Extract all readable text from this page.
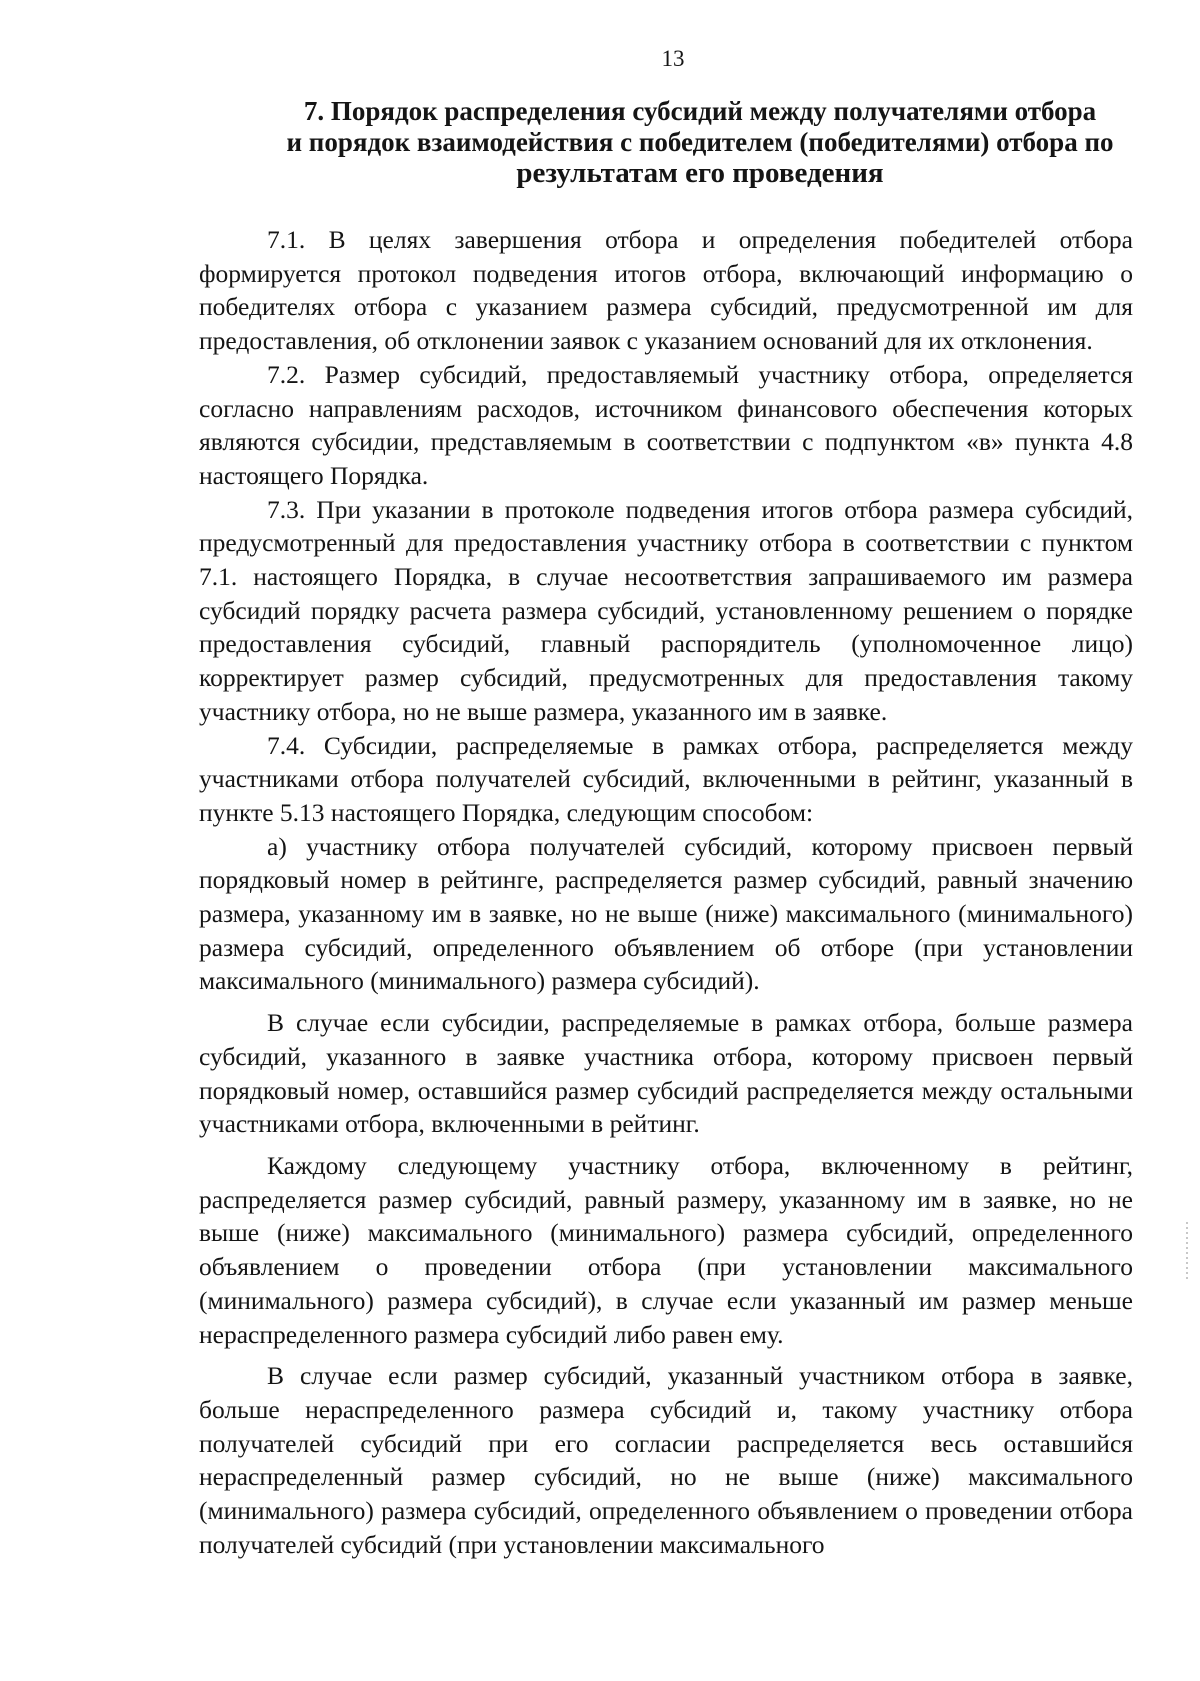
13
7. Порядок распределения субсидий между получателями отбора
и порядок взаимодействия с победителем (победителями) отбора по
результатам его проведения

7.1. В целях завершения отбора и определения победителей отбора формируется протокол подведения итогов отбора, включающий информацию о победителях отбора с указанием размера субсидий, предусмотренной им для предоставления, об отклонении заявок с указанием оснований для их отклонения.

7.2. Размер субсидий, предоставляемый участнику отбора, определяется согласно направлениям расходов, источником финансового обеспечения которых являются субсидии, представляемым в соответствии с подпунктом «в» пункта 4.8 настоящего Порядка.

7.3. При указании в протоколе подведения итогов отбора размера субсидий, предусмотренный для предоставления участнику отбора в соответствии с пунктом 7.1. настоящего Порядка, в случае несоответствия запрашиваемого им размера субсидий порядку расчета размера субсидий, установленному решением о порядке предоставления субсидий, главный распорядитель (уполномоченное лицо) корректирует размер субсидий, предусмотренных для предоставления такому участнику отбора, но не выше размера, указанного им в заявке.

7.4. Субсидии, распределяемые в рамках отбора, распределяется между участниками отбора получателей субсидий, включенными в рейтинг, указанный в пункте 5.13 настоящего Порядка, следующим способом:

а) участнику отбора получателей субсидий, которому присвоен первый порядковый номер в рейтинге, распределяется размер субсидий, равный значению размера, указанному им в заявке, но не выше (ниже) максимального (минимального) размера субсидий, определенного объявлением об отборе (при установлении максимального (минимального) размера субсидий).

В случае если субсидии, распределяемые в рамках отбора, больше размера субсидий, указанного в заявке участника отбора, которому присвоен первый порядковый номер, оставшийся размер субсидий распределяется между остальными участниками отбора, включенными в рейтинг.

Каждому следующему участнику отбора, включенному в рейтинг, распределяется размер субсидий, равный размеру, указанному им в заявке, но не выше (ниже) максимального (минимального) размера субсидий, определенного объявлением о проведении отбора (при установлении максимального (минимального) размера субсидий), в случае если указанный им размер меньше нераспределенного размера субсидий либо равен ему.

В случае если размер субсидий, указанный участником отбора в заявке, больше нераспределенного размера субсидий и, такому участнику отбора получателей субсидий при его согласии распределяется весь оставшийся нераспределенный размер субсидий, но не выше (ниже) максимального (минимального) размера субсидий, определенного объявлением о проведении отбора получателей субсидий (при установлении максимального
